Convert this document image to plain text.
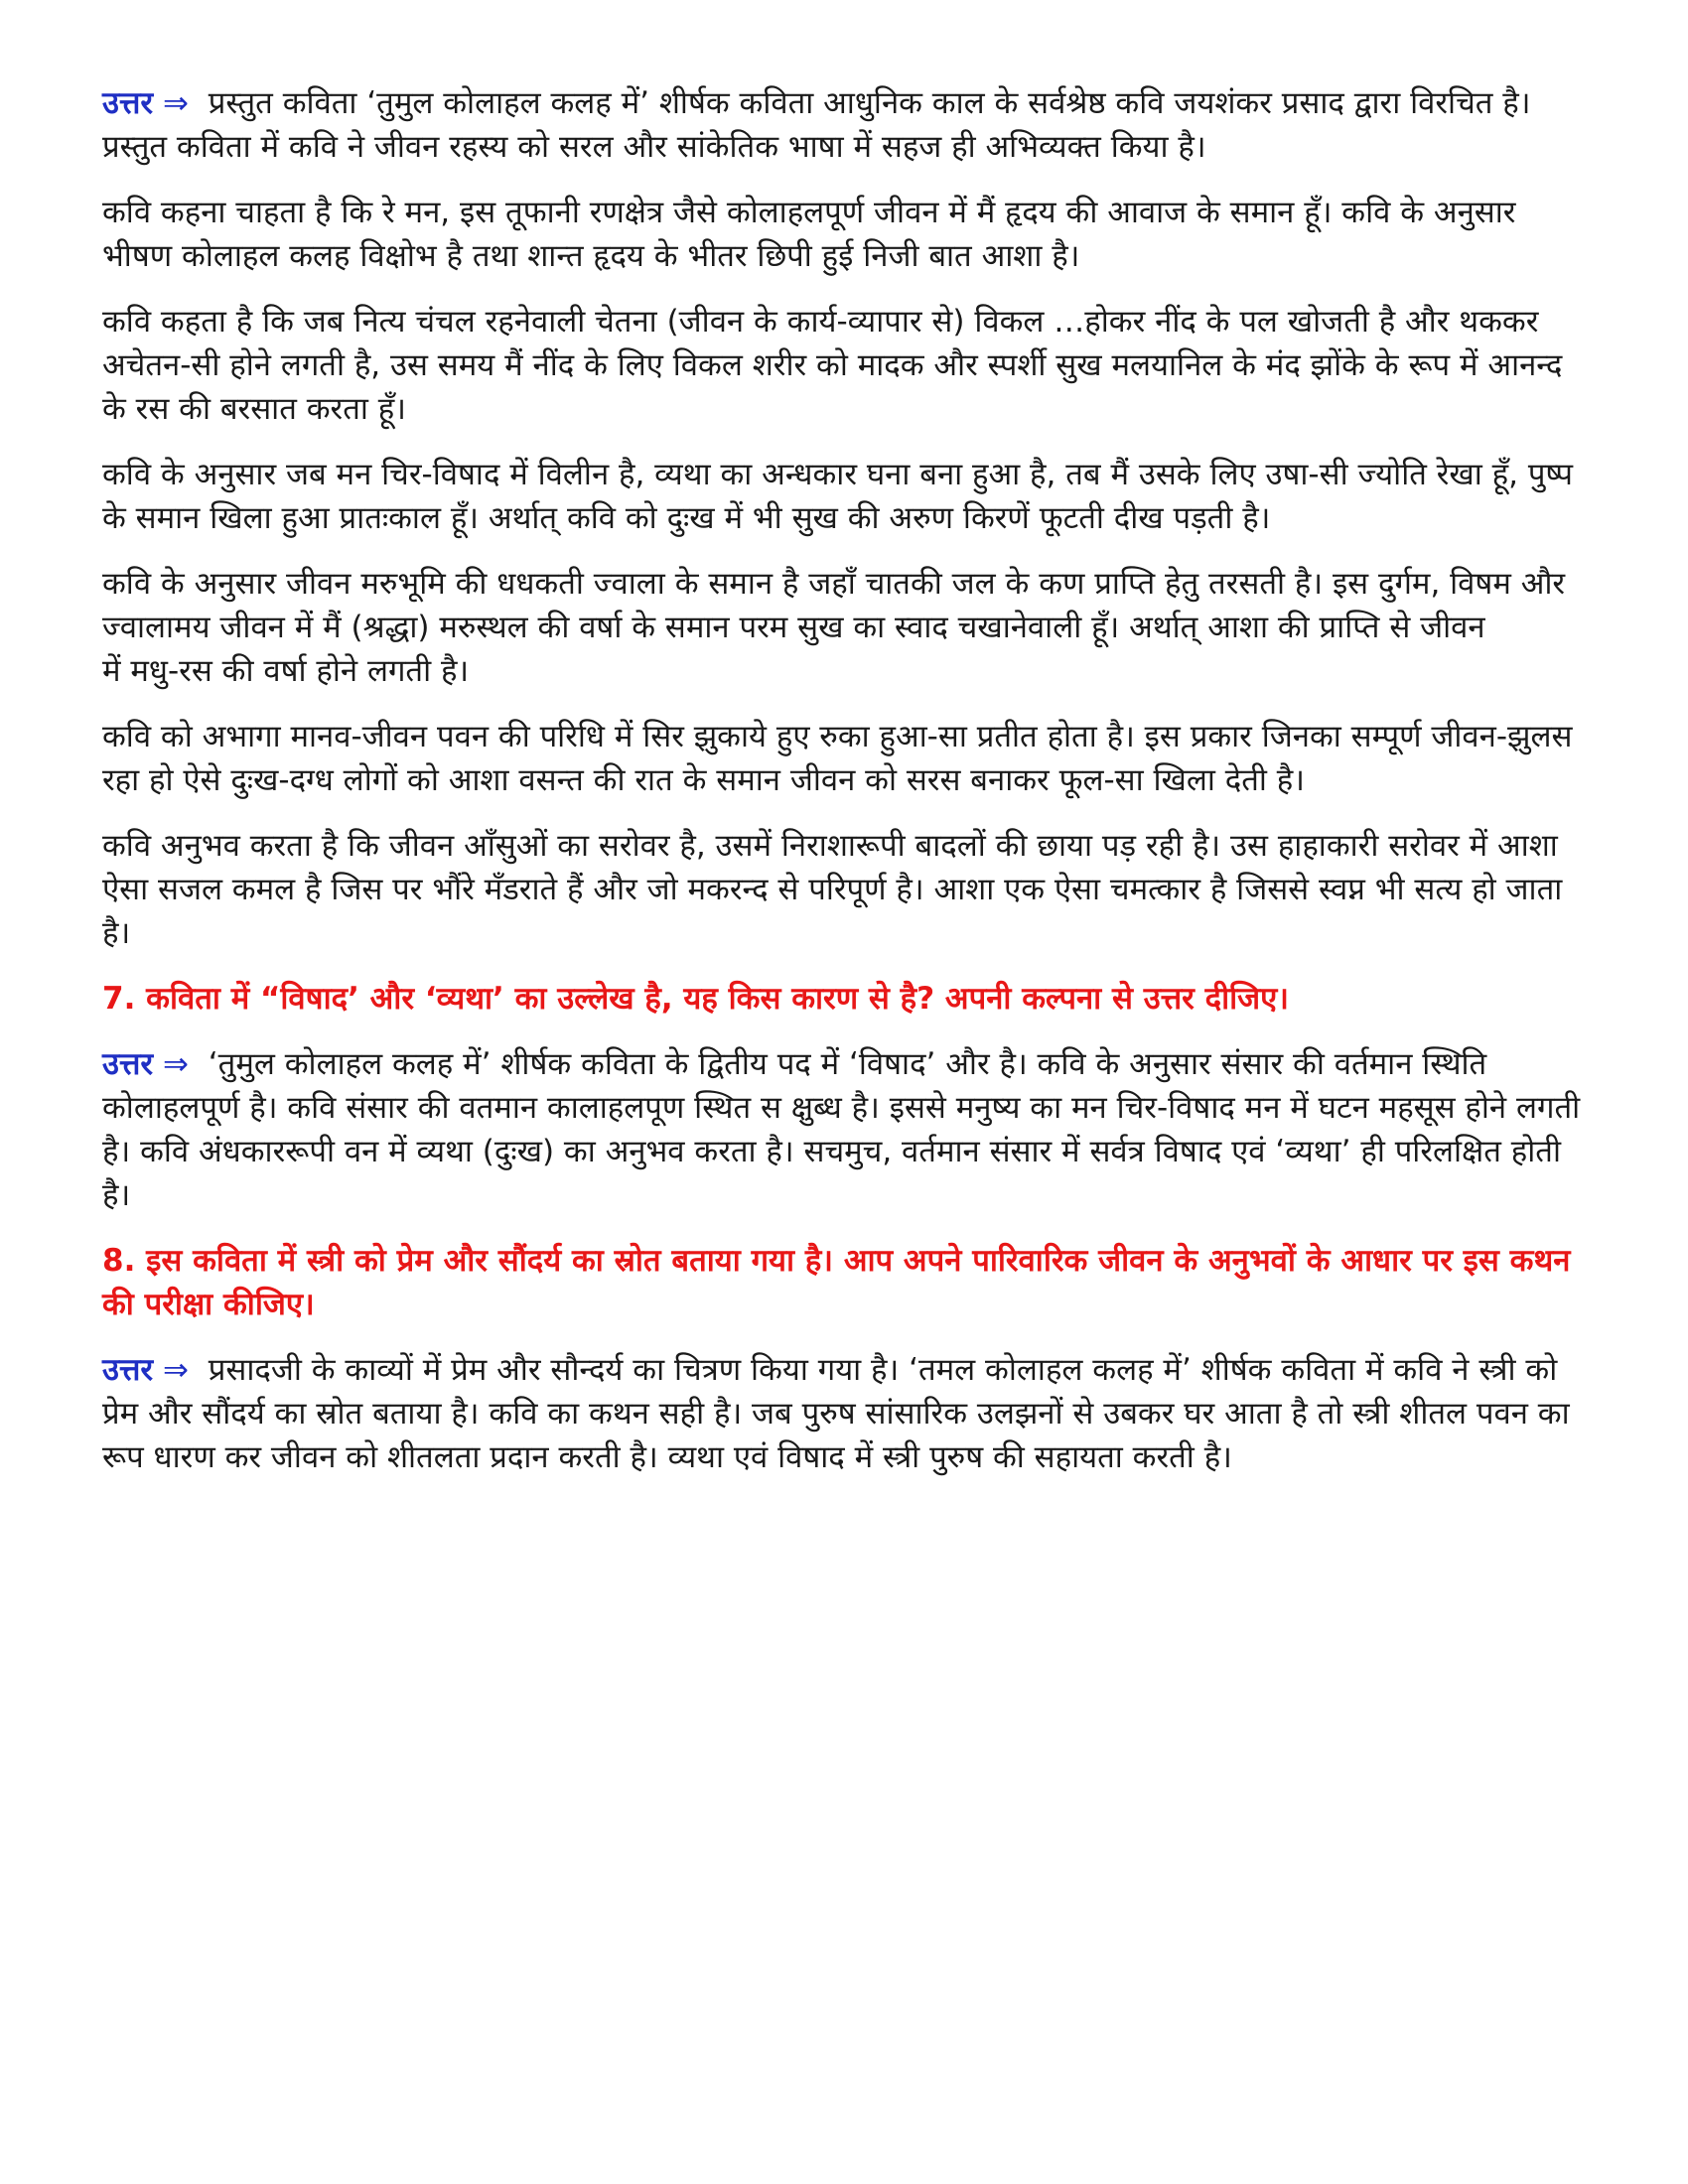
उत्तर ⇒ प्रस्तुत कविता ‘तुमुल कोलाहल कलह में’ शीर्षक कविता आधुनिक काल के सर्वश्रेष्ठ कवि जयशंकर प्रसाद द्वारा विरचित है। प्रस्तुत कविता में कवि ने जीवन रहस्य को सरल और सांकेतिक भाषा में सहज ही अभिव्यक्त किया है।

कवि कहना चाहता है कि रे मन, इस तूफानी रणक्षेत्र जैसे कोलाहलपूर्ण जीवन में मैं हृदय की आवाज के समान हूँ। कवि के अनुसार भीषण कोलाहल कलह विक्षोभ है तथा शान्त हृदय के भीतर छिपी हुई निजी बात आशा है।

कवि कहता है कि जब नित्य चंचल रहनेवाली चेतना (जीवन के कार्य-व्यापार से) विकल …होकर नींद के पल खोजती है और थककर अचेतन-सी होने लगती है, उस समय मैं नींद के लिए विकल शरीर को मादक और स्पर्शी सुख मलयानिल के मंद झोंके के रूप में आनन्द
के रस की बरसात करता हूँ।

कवि के अनुसार जब मन चिर-विषाद में विलीन है, व्यथा का अन्धकार घना बना हुआ है, तब मैं उसके लिए उषा-सी ज्योति रेखा हूँ, पुष्प के समान खिला हुआ प्रातःकाल हूँ। अर्थात् कवि को दुःख में भी सुख की अरुण किरणें फूटती दीख पड़ती है।

कवि के अनुसार जीवन मरुभूमि की धधकती ज्वाला के समान है जहाँ चातकी जल के कण प्राप्ति हेतु तरसती है। इस दुर्गम, विषम और ज्वालामय जीवन में मैं (श्रद्धा) मरुस्थल की वर्षा के समान परम सुख का स्वाद चखानेवाली हूँ। अर्थात् आशा की प्राप्ति से जीवन
में मधु-रस की वर्षा होने लगती है।

कवि को अभागा मानव-जीवन पवन की परिधि में सिर झुकाये हुए रुका हुआ-सा प्रतीत होता है। इस प्रकार जिनका सम्पूर्ण जीवन-झुलस रहा हो ऐसे दुःख-दग्ध लोगों को आशा वसन्त की रात के समान जीवन को सरस बनाकर फूल-सा खिला देती है।

कवि अनुभव करता है कि जीवन आँसुओं का सरोवर है, उसमें निराशारूपी बादलों की छाया पड़ रही है। उस हाहाकारी सरोवर में आशा ऐसा सजल कमल है जिस पर भौंरे मँडराते हैं और जो मकरन्द से परिपूर्ण है। आशा एक ऐसा चमत्कार है जिससे स्वप्न भी सत्य हो जाता है।

7. कविता में “विषाद’ और ‘व्यथा’ का उल्लेख है, यह किस कारण से है? अपनी कल्पना से उत्तर दीजिए।

उत्तर ⇒ ‘तुमुल कोलाहल कलह में’ शीर्षक कविता के द्वितीय पद में ‘विषाद’ और है। कवि के अनुसार संसार की वर्तमान स्थिति कोलाहलपूर्ण है। कवि संसार की वतमान कालाहलपूण स्थित स क्षुब्ध है। इससे मनुष्य का मन चिर-विषाद मन में घटन महसूस होने लगती है। कवि अंधकाररूपी वन में व्यथा (दुःख) का अनुभव करता है। सचमुच, वर्तमान संसार में सर्वत्र विषाद एवं ‘व्यथा’ ही परिलक्षित होती है।

8. इस कविता में स्त्री को प्रेम और सौंदर्य का स्रोत बताया गया है। आप अपने पारिवारिक जीवन के अनुभवों के आधार पर इस कथन की परीक्षा कीजिए।

उत्तर ⇒ प्रसादजी के काव्यों में प्रेम और सौन्दर्य का चित्रण किया गया है। ‘तमल कोलाहल कलह में’ शीर्षक कविता में कवि ने स्त्री को प्रेम और सौंदर्य का स्रोत बताया है। कवि का कथन सही है। जब पुरुष सांसारिक उलझनों से उबकर घर आता है तो स्त्री शीतल पवन का रूप धारण कर जीवन को शीतलता प्रदान करती है। व्यथा एवं विषाद में स्त्री पुरुष की सहायता करती है।
